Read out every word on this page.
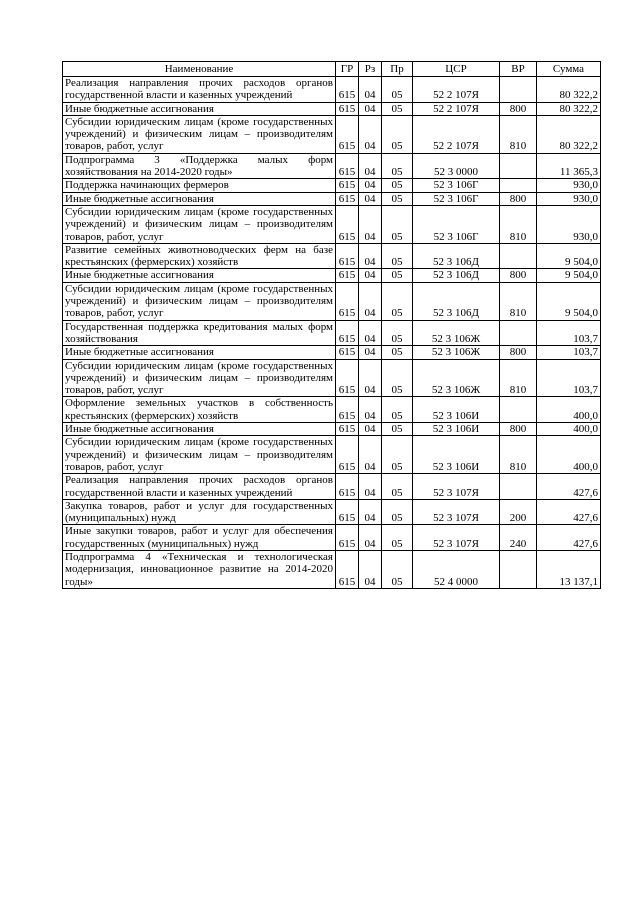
Наименование	ГР	Рз	Пр	ЦСР	ВР	Сумма
Реализация направления прочих расходов органов государственной власти и казенных учреждений	615	04	05	52 2 107Я		80 322,2
Иные бюджетные ассигнования	615	04	05	52 2 107Я	800	80 322,2
Субсидии юридическим лицам (кроме государственных учреждений) и физическим лицам – производителям товаров, работ, услуг	615	04	05	52 2 107Я	810	80 322,2
Подпрограмма 3 «Поддержка малых форм хозяйствования на 2014-2020 годы»	615	04	05	52 3 0000		11 365,3
Поддержка начинающих фермеров	615	04	05	52 3 106Г		930,0
Иные бюджетные ассигнования	615	04	05	52 3 106Г	800	930,0
Субсидии юридическим лицам (кроме государственных учреждений) и физическим лицам – производителям товаров, работ, услуг	615	04	05	52 3 106Г	810	930,0
Развитие семейных животноводческих ферм на базе крестьянских (фермерских) хозяйств	615	04	05	52 3 106Д		9 504,0
Иные бюджетные ассигнования	615	04	05	52 3 106Д	800	9 504,0
Субсидии юридическим лицам (кроме государственных учреждений) и физическим лицам – производителям товаров, работ, услуг	615	04	05	52 3 106Д	810	9 504,0
Государственная поддержка кредитования малых форм хозяйствования	615	04	05	52 3 106Ж		103,7
Иные бюджетные ассигнования	615	04	05	52 3 106Ж	800	103,7
Субсидии юридическим лицам (кроме государственных учреждений) и физическим лицам – производителям товаров, работ, услуг	615	04	05	52 3 106Ж	810	103,7
Оформление земельных участков в собственность крестьянских (фермерских) хозяйств	615	04	05	52 3 106И		400,0
Иные бюджетные ассигнования	615	04	05	52 3 106И	800	400,0
Субсидии юридическим лицам (кроме государственных учреждений) и физическим лицам – производителям товаров, работ, услуг	615	04	05	52 3 106И	810	400,0
Реализация направления прочих расходов органов государственной власти и казенных учреждений	615	04	05	52 3 107Я		427,6
Закупка товаров, работ и услуг для государственных (муниципальных) нужд	615	04	05	52 3 107Я	200	427,6
Иные закупки товаров, работ и услуг для обеспечения государственных (муниципальных) нужд	615	04	05	52 3 107Я	240	427,6
Подпрограмма 4 «Техническая и технологическая модернизация, инновационное развитие на 2014-2020 годы»	615	04	05	52 4 0000		13 137,1
